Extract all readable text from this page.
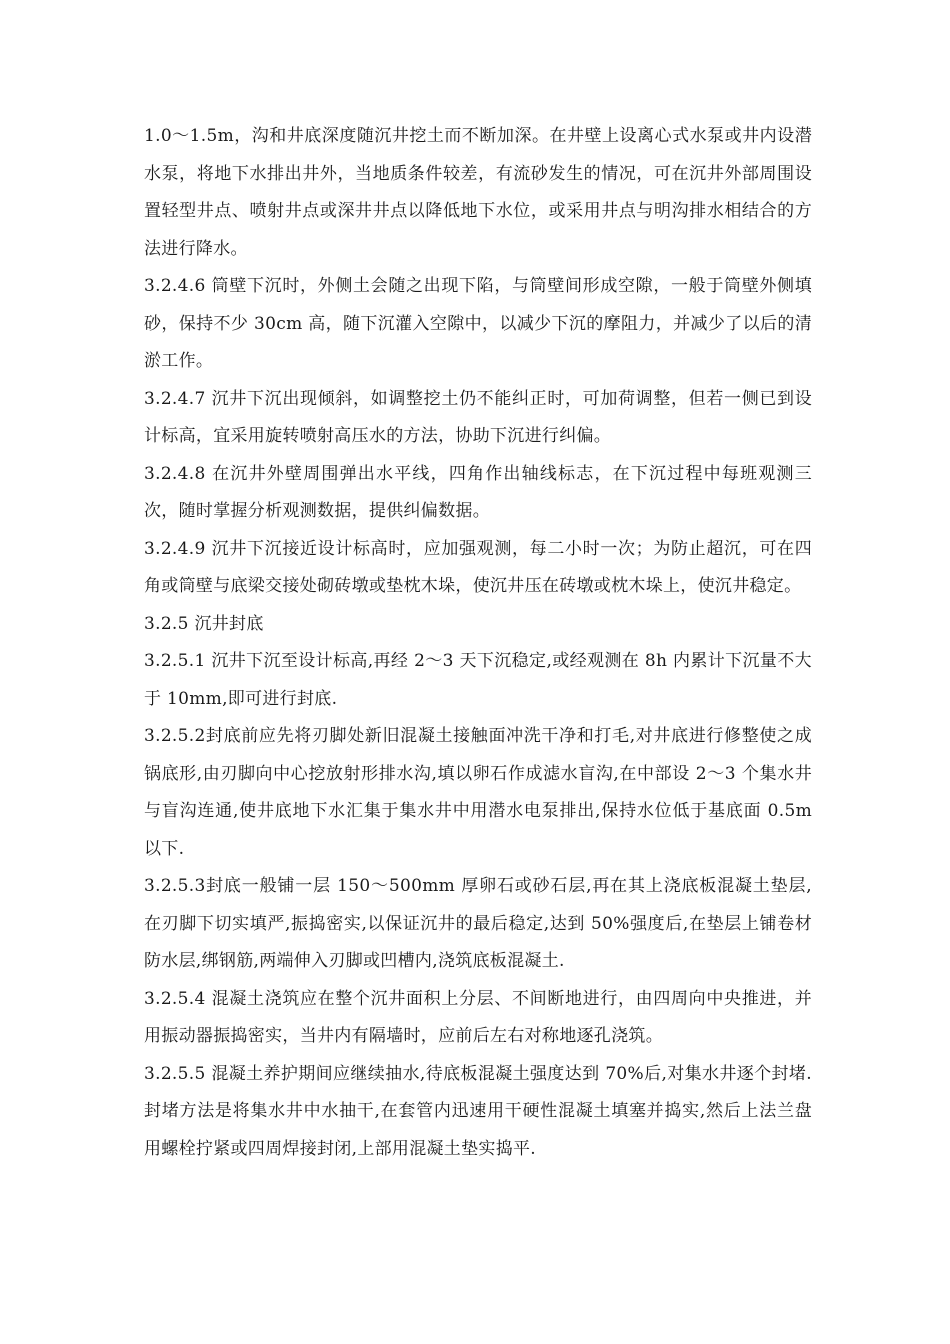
1.0～1.5m，沟和井底深度随沉井挖土而不断加深。在井壁上设离心式水泵或井内设潜水泵，将地下水排出井外，当地质条件较差，有流砂发生的情况，可在沉井外部周围设置轻型井点、喷射井点或深井井点以降低地下水位，或采用井点与明沟排水相结合的方法进行降水。

3.2.4.6 筒壁下沉时，外侧土会随之出现下陷，与筒壁间形成空隙，一般于筒壁外侧填砂，保持不少 30cm 高，随下沉灌入空隙中，以减少下沉的摩阻力，并减少了以后的清淤工作。

3.2.4.7 沉井下沉出现倾斜，如调整挖土仍不能纠正时，可加荷调整，但若一侧已到设计标高，宜采用旋转喷射高压水的方法，协助下沉进行纠偏。

3.2.4.8 在沉井外壁周围弹出水平线，四角作出轴线标志，在下沉过程中每班观测三次，随时掌握分析观测数据，提供纠偏数据。

3.2.4.9 沉井下沉接近设计标高时，应加强观测，每二小时一次；为防止超沉，可在四角或筒壁与底梁交接处砌砖墩或垫枕木垛，使沉井压在砖墩或枕木垛上，使沉井稳定。

3.2.5 沉井封底

3.2.5.1 沉井下沉至设计标高,再经 2～3 天下沉稳定,或经观测在 8h 内累计下沉量不大于 10mm,即可进行封底.

3.2.5.2封底前应先将刃脚处新旧混凝土接触面冲洗干净和打毛,对井底进行修整使之成锅底形,由刃脚向中心挖放射形排水沟,填以卵石作成滤水盲沟,在中部设 2～3 个集水井与盲沟连通,使井底地下水汇集于集水井中用潜水电泵排出,保持水位低于基底面 0.5m 以下.

3.2.5.3封底一般铺一层 150～500mm 厚卵石或砂石层,再在其上浇底板混凝土垫层,在刃脚下切实填严,振捣密实,以保证沉井的最后稳定,达到 50%强度后,在垫层上铺卷材防水层,绑钢筋,两端伸入刃脚或凹槽内,浇筑底板混凝土.

3.2.5.4 混凝土浇筑应在整个沉井面积上分层、不间断地进行，由四周向中央推进，并用振动器振捣密实，当井内有隔墙时，应前后左右对称地逐孔浇筑。

3.2.5.5 混凝土养护期间应继续抽水,待底板混凝土强度达到 70%后,对集水井逐个封堵.封堵方法是将集水井中水抽干,在套管内迅速用干硬性混凝土填塞并捣实,然后上法兰盘用螺栓拧紧或四周焊接封闭,上部用混凝土垫实捣平.
